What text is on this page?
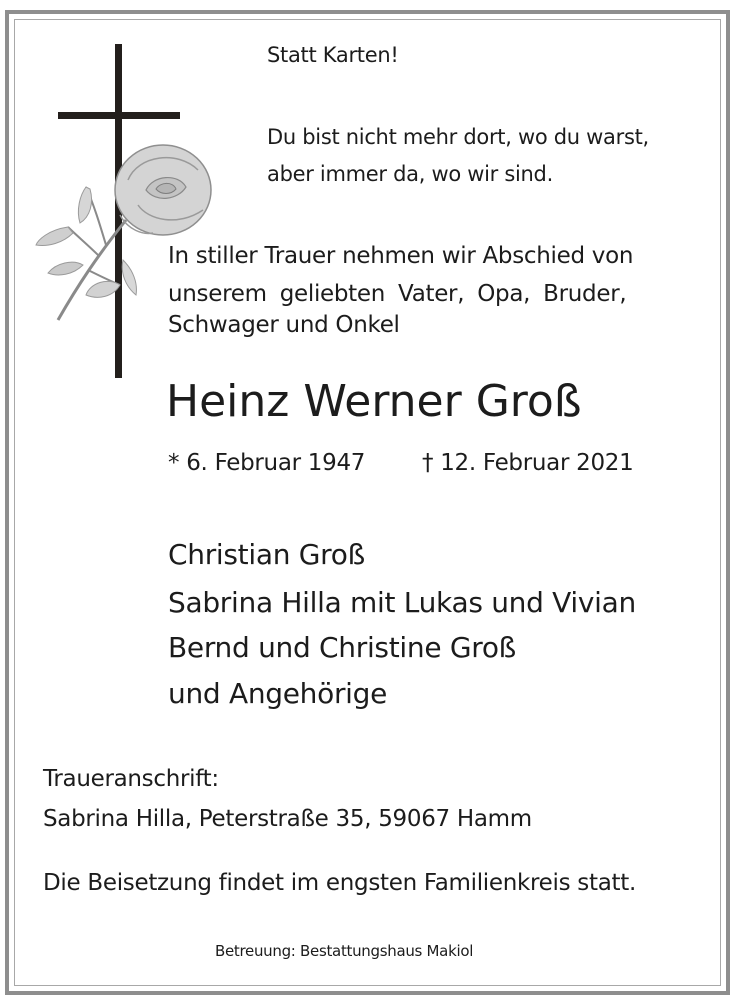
Statt Karten!
Du bist nicht mehr dort, wo du warst,
aber immer da, wo wir sind.
In stiller Trauer nehmen wir Abschied von
unserem geliebten Vater, Opa, Bruder,
Schwager und Onkel
Heinz Werner Groß
* 6. Februar 1947 † 12. Februar 2021
Christian Groß
Sabrina Hilla mit Lukas und Vivian
Bernd und Christine Groß
und Angehörige
Traueranschrift:
Sabrina Hilla, Peterstraße 35, 59067 Hamm
Die Beisetzung findet im engsten Familienkreis statt.
Betreuung: Bestattungshaus Makiol
